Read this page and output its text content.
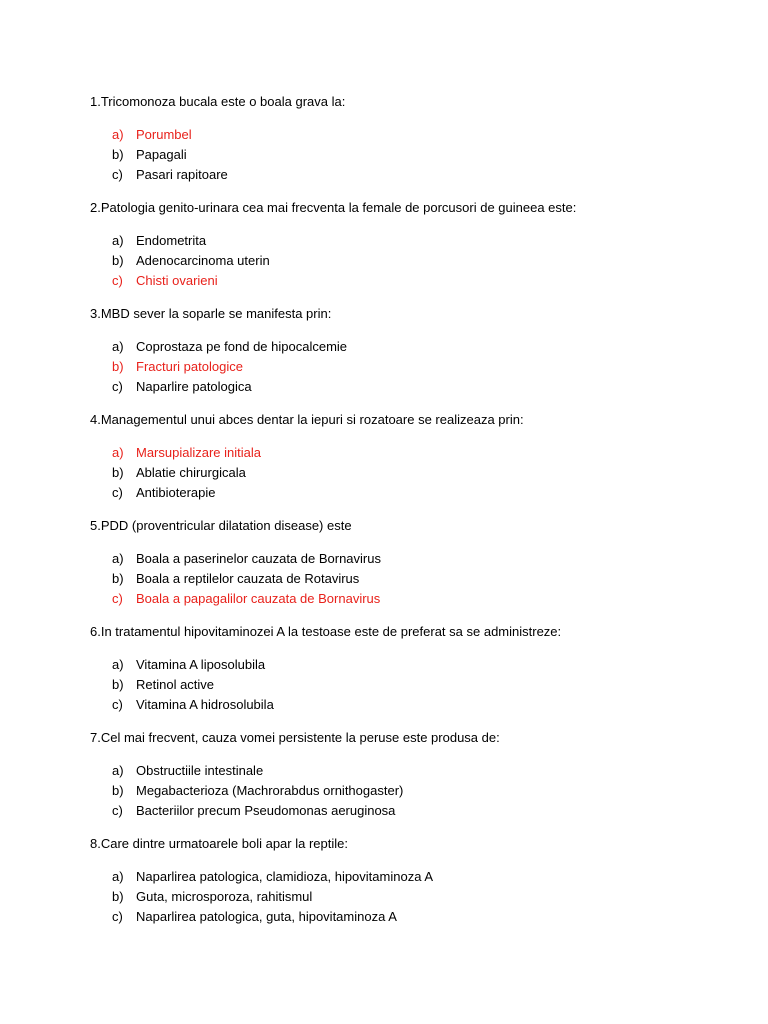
1.Tricomonoza bucala este o boala grava la:
a) Porumbel
b) Papagali
c) Pasari rapitoare
2.Patologia genito-urinara cea mai frecventa la female de porcusori de guineea este:
a) Endometrita
b) Adenocarcinoma uterin
c) Chisti ovarieni
3.MBD sever la soparle se manifesta prin:
a) Coprostaza pe fond de hipocalcemie
b) Fracturi patologice
c) Naparlire patologica
4.Managementul unui abces dentar la iepuri si rozatoare se realizeaza prin:
a) Marsupializare initiala
b) Ablatie chirurgicala
c) Antibioterapie
5.PDD (proventricular dilatation disease) este
a) Boala a paserinelor cauzata de Bornavirus
b) Boala a reptilelor cauzata de Rotavirus
c) Boala a papagalilor cauzata de Bornavirus
6.In tratamentul hipovitaminozei A la testoase este de preferat sa se administreze:
a) Vitamina A liposolubila
b) Retinol active
c) Vitamina A hidrosolubila
7.Cel mai frecvent, cauza vomei persistente la peruse este produsa de:
a) Obstructiile intestinale
b) Megabacterioza (Machrorabdus ornithogaster)
c) Bacteriilor precum Pseudomonas aeruginosa
8.Care dintre urmatoarele boli apar la reptile:
a) Naparlirea patologica, clamidioza, hipovitaminoza A
b) Guta, microsporoza, rahitismul
c) Naparlirea patologica, guta, hipovitaminoza A
